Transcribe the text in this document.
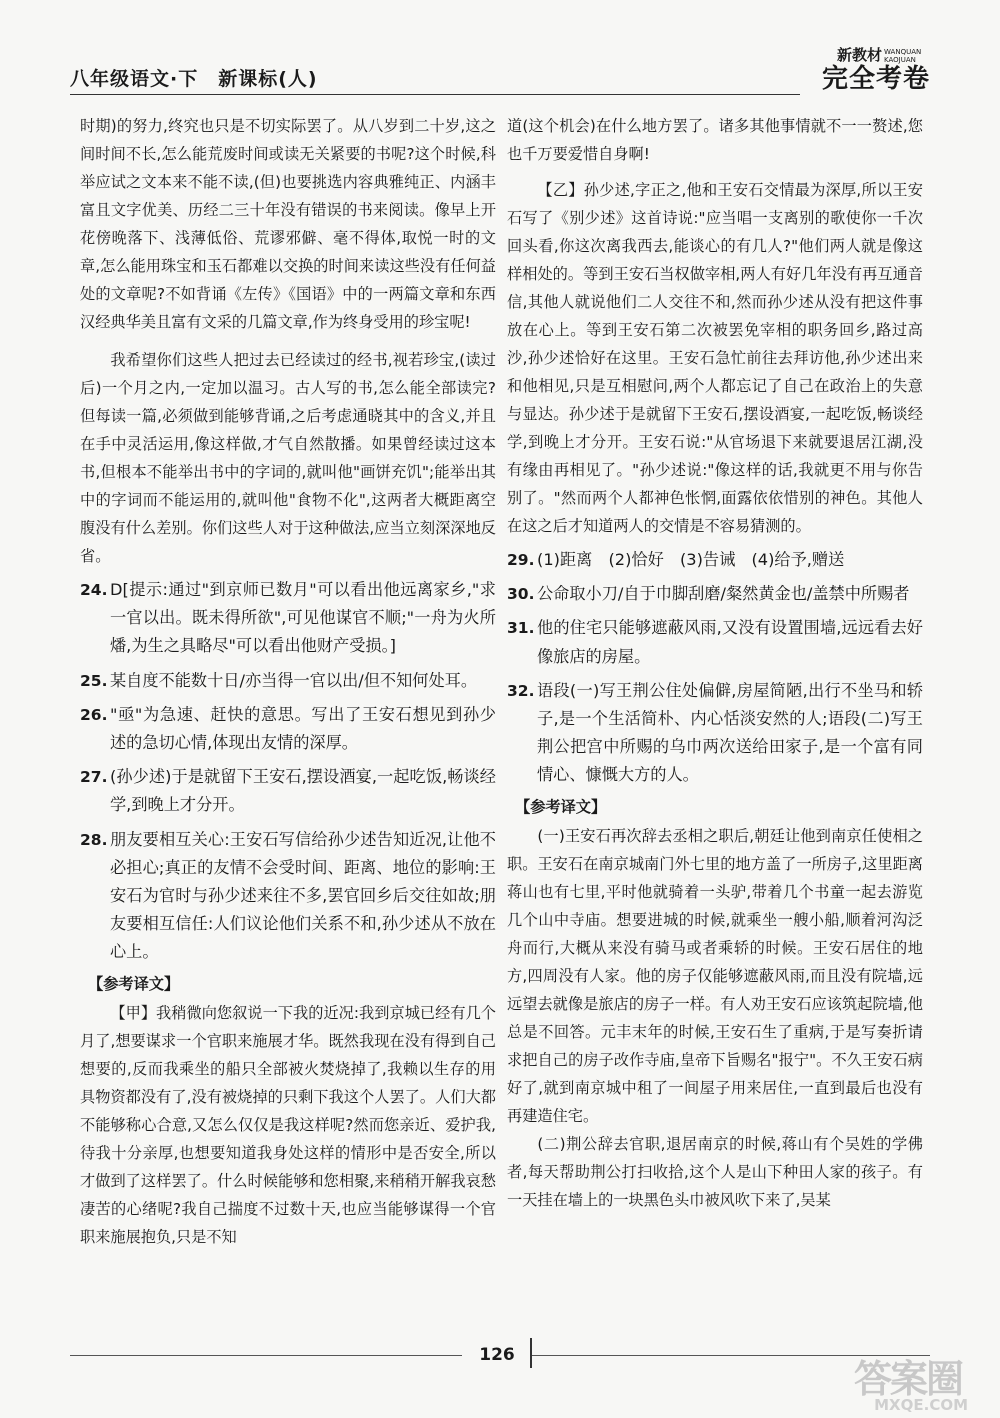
八年级语文·下　新课标(人)
新教材 WANQUAN KAOJUAN
完全考卷

时期)的努力,终究也只是不切实际罢了。从八岁到二十岁,这之间时间不长,怎么能荒废时间或读无关紧要的书呢?这个时候,科举应试之文本来不能不读,(但)也要挑选内容典雅纯正、内涵丰富且文字优美、历经二三十年没有错误的书来阅读。像早上开花傍晚落下、浅薄低俗、荒谬邪僻、毫不得体,取悦一时的文章,怎么能用珠宝和玉石都难以交换的时间来读这些没有任何益处的文章呢?不如背诵《左传》《国语》中的一两篇文章和东西汉经典华美且富有文采的几篇文章,作为终身受用的珍宝呢!

我希望你们这些人把过去已经读过的经书,视若珍宝,(读过后)一个月之内,一定加以温习。古人写的书,怎么能全部读完?但每读一篇,必须做到能够背诵,之后考虑通晓其中的含义,并且在手中灵活运用,像这样做,才气自然散播。如果曾经读过这本书,但根本不能举出书中的字词的,就叫他"画饼充饥";能举出其中的字词而不能运用的,就叫他"食物不化",这两者大概距离空腹没有什么差别。你们这些人对于这种做法,应当立刻深深地反省。

24. D[提示:通过"到京师已数月"可以看出他远离家乡,"求一官以出。既未得所欲",可见他谋官不顺;"一舟为火所燔,为生之具略尽"可以看出他财产受损。]
25. 某自度不能数十日/亦当得一官以出/但不知何处耳。
26. "亟"为急速、赶快的意思。写出了王安石想见到孙少述的急切心情,体现出友情的深厚。
27. (孙少述)于是就留下王安石,摆设酒宴,一起吃饭,畅谈经学,到晚上才分开。
28. 朋友要相互关心:王安石写信给孙少述告知近况,让他不必担心;真正的友情不会受时间、距离、地位的影响:王安石为官时与孙少述来往不多,罢官回乡后交往如故;朋友要相互信任:人们议论他们关系不和,孙少述从不放在心上。
【参考译文】

【甲】我稍微向您叙说一下我的近况:我到京城已经有几个月了,想要谋求一个官职来施展才华。既然我现在没有得到自己想要的,反而我乘坐的船只全部被火焚烧掉了,我赖以生存的用具物资都没有了,没有被烧掉的只剩下我这个人罢了。人们大都不能够称心合意,又怎么仅仅是我这样呢?然而您亲近、爱护我,待我十分亲厚,也想要知道我身处这样的情形中是否安全,所以才做到了这样罢了。什么时候能够和您相聚,来稍稍开解我哀愁凄苦的心绪呢?我自己揣度不过数十天,也应当能够谋得一个官职来施展抱负,只是不知

道(这个机会)在什么地方罢了。诸多其他事情就不一一赘述,您也千万要爱惜自身啊!

【乙】孙少述,字正之,他和王安石交情最为深厚,所以王安石写了《别少述》这首诗说:"应当唱一支离别的歌使你一千次回头看,你这次离我西去,能谈心的有几人?"他们两人就是像这样相处的。等到王安石当权做宰相,两人有好几年没有再互通音信,其他人就说他们二人交往不和,然而孙少述从没有把这件事放在心上。等到王安石第二次被罢免宰相的职务回乡,路过高沙,孙少述恰好在这里。王安石急忙前往去拜访他,孙少述出来和他相见,只是互相慰问,两个人都忘记了自己在政治上的失意与显达。孙少述于是就留下王安石,摆设酒宴,一起吃饭,畅谈经学,到晚上才分开。王安石说:"从官场退下来就要退居江湖,没有缘由再相见了。"孙少述说:"像这样的话,我就更不用与你告别了。"然而两个人都神色怅惘,面露依依惜别的神色。其他人在这之后才知道两人的交情是不容易猜测的。

29. (1)距离　(2)恰好　(3)告诫　(4)给予,赠送
30. 公命取小刀/自于巾脚刮磨/粲然黄金也/盖禁中所赐者
31. 他的住宅只能够遮蔽风雨,又没有设置围墙,远远看去好像旅店的房屋。
32. 语段(一)写王荆公住处偏僻,房屋简陋,出行不坐马和轿子,是一个生活简朴、内心恬淡安然的人;语段(二)写王荆公把宫中所赐的乌巾两次送给田家子,是一个富有同情心、慷慨大方的人。
【参考译文】

(一)王安石再次辞去丞相之职后,朝廷让他到南京任使相之职。王安石在南京城南门外七里的地方盖了一所房子,这里距离蒋山也有七里,平时他就骑着一头驴,带着几个书童一起去游览几个山中寺庙。想要进城的时候,就乘坐一艘小船,顺着河沟泛舟而行,大概从来没有骑马或者乘轿的时候。王安石居住的地方,四周没有人家。他的房子仅能够遮蔽风雨,而且没有院墙,远远望去就像是旅店的房子一样。有人劝王安石应该筑起院墙,他总是不回答。元丰末年的时候,王安石生了重病,于是写奏折请求把自己的房子改作寺庙,皇帝下旨赐名"报宁"。不久王安石病好了,就到南京城中租了一间屋子用来居住,一直到最后也没有再建造住宅。

(二)荆公辞去官职,退居南京的时候,蒋山有个吴姓的学佛者,每天帮助荆公打扫收拾,这个人是山下种田人家的孩子。有一天挂在墙上的一块黑色头巾被风吹下来了,吴某

126
答案圈
MXQE.COM
